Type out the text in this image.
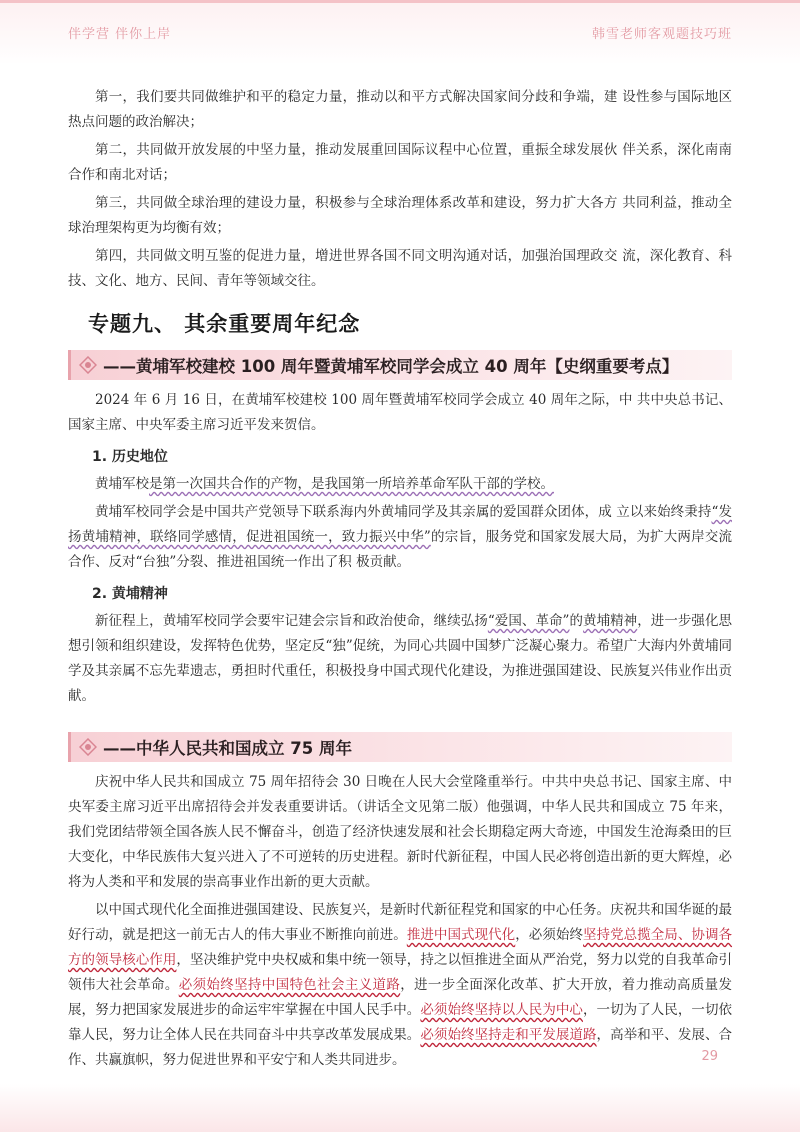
伴学营 伴你上岸	韩雪老师客观题技巧班

第一，我们要共同做维护和平的稳定力量，推动以和平方式解决国家间分歧和争端，建 设性参与国际地区热点问题的政治解决；

第二，共同做开放发展的中坚力量，推动发展重回国际议程中心位置，重振全球发展伙 伴关系，深化南南合作和南北对话；

第三，共同做全球治理的建设力量，积极参与全球治理体系改革和建设，努力扩大各方 共同利益，推动全球治理架构更为均衡有效；

第四，共同做文明互鉴的促进力量，增进世界各国不同文明沟通对话，加强治国理政交 流，深化教育、科技、文化、地方、民间、青年等领域交往。

专题九、 其余重要周年纪念
——黄埔军校建校 100 周年暨黄埔军校同学会成立 40 周年【史纲重要考点】

2024 年 6 月 16 日，在黄埔军校建校 100 周年暨黄埔军校同学会成立 40 周年之际，中 共中央总书记、国家主席、中央军委主席习近平发来贺信。

1. 历史地位

黄埔军校是第一次国共合作的产物，是我国第一所培养革命军队干部的学校。

黄埔军校同学会是中国共产党领导下联系海内外黄埔同学及其亲属的爱国群众团体，成 立以来始终秉持“发扬黄埔精神，联络同学感情，促进祖国统一，致力振兴中华”的宗旨，服务党和国家发展大局，为扩大两岸交流合作、反对“台独”分裂、推进祖国统一作出了积 极贡献。

2. 黄埔精神

新征程上，黄埔军校同学会要牢记建会宗旨和政治使命，继续弘扬“爱国、革命”的黄埔精神，进一步强化思想引领和组织建设，发挥特色优势，坚定反“独”促统，为同心共圆中国梦广泛凝心聚力。希望广大海内外黄埔同学及其亲属不忘先辈遗志，勇担时代重任，积极投身中国式现代化建设，为推进强国建设、民族复兴伟业作出贡献。

——中华人民共和国成立 75 周年

庆祝中华人民共和国成立 75 周年招待会 30 日晚在人民大会堂隆重举行。中共中央总书记、国家主席、中央军委主席习近平出席招待会并发表重要讲话。（讲话全文见第二版）他强调，中华人民共和国成立 75 年来，我们党团结带领全国各族人民不懈奋斗，创造了经济快速发展和社会长期稳定两大奇迹，中国发生沧海桑田的巨大变化，中华民族伟大复兴进入了不可逆转的历史进程。新时代新征程，中国人民必将创造出新的更大辉煌，必将为人类和平和发展的崇高事业作出新的更大贡献。

以中国式现代化全面推进强国建设、民族复兴，是新时代新征程党和国家的中心任务。庆祝共和国华诞的最好行动，就是把这一前无古人的伟大事业不断推向前进。推进中国式现代化，必须始终坚持党总揽全局、协调各方的领导核心作用，坚决维护党中央权威和集中统一领导，持之以恒推进全面从严治党，努力以党的自我革命引领伟大社会革命。必须始终坚持中国特色社会主义道路，进一步全面深化改革、扩大开放，着力推动高质量发展，努力把国家发展进步的命运牢牢掌握在中国人民手中。必须始终坚持以人民为中心，一切为了人民，一切依靠人民，努力让全体人民在共同奋斗中共享改革发展成果。必须始终坚持走和平发展道路，高举和平、发展、合作、共赢旗帜，努力促进世界和平安宁和人类共同进步。	29
